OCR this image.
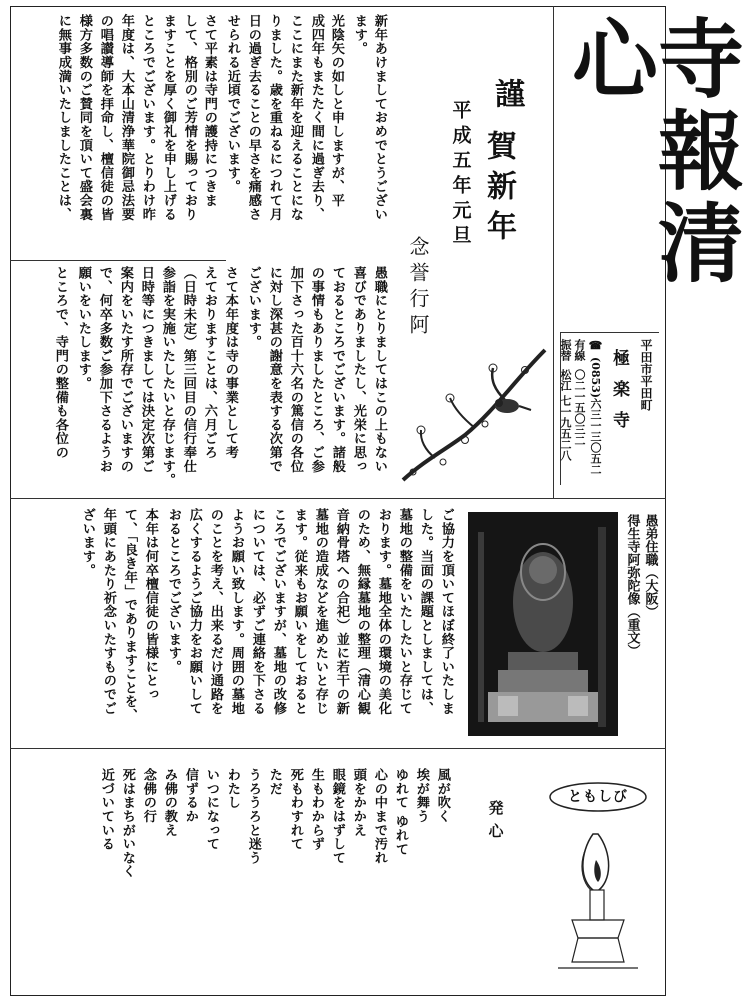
寺報清心
平田市平田町
極 楽 寺
☎
(0853)六三一三〇五二
有線
〇二一五〇三二
振替
松江 七一九五二八
謹
賀新年
平成五年元旦
念誉行阿
新年あけましておめでとうござい
ます。
光陰矢の如しと申しますが、平
成四年もまたたく間に過ぎ去り、
ここにまた新年を迎えることにな
りました。歳を重ねるにつれて月
日の過ぎ去ることの早さを痛感さ
せられる近頃でございます。
さて平素は寺門の護持につきま
して、格別のご芳情を賜っており
ますことを厚く御礼を申し上げる
ところでございます。とりわけ昨
年度は、大本山清浄華院御忌法要
の唱讃導師を拝命し、檀信徒の皆
様方多数のご賛同を頂いて盛会裏
に無事成満いたしましたことは、
愚職にとりましてはこの上もない
喜びでありましたし、光栄に思っ
ておるところでございます。諸般
の事情もありましたところ、ご参
加下さった百十六名の篤信の各位
に対し深甚の謝意を表する次第で
ございます。
さて本年度は寺の事業として考
えておりますことは、六月ごろ
（日時未定）第三回目の信行奉仕
参詣を実施いたしたいと存じます。
日時等につきましては決定次第ご
案内をいたす所存でございますの
で、何卒多数ご参加下さるようお
願いをいたします。
ところで、寺門の整備も各位の
愚弟住職（大阪）
得生寺阿弥陀像（重文）
ご協力を頂いてほぼ終了いたしま
した。当面の課題としましては、
墓地の整備をいたしたいと存じて
おります。墓地全体の環境の美化
のため、無縁墓地の整理（清心観
音納骨塔への合祀）並に若干の新
墓地の造成などを進めたいと存じ
ます。従来もお願いをしておると
ころでございますが、墓地の改修
については、必ずご連絡を下さる
ようお願い致します。周囲の墓地
のことを考え、出来るだけ通路を
広くするようご協力をお願いして
おるところでございます。
本年は何卒檀信徒の皆様にとっ
て、「良き年」でありますことを、
年頭にあたり祈念いたすものでご
ざいます。
ともしび
発心
風が吹く
埃が舞う
ゆれて ゆれて
心の中まで汚れ
頭をかかえ
眼鏡をはずして
生もわからず
死もわすれて
ただ
うろうろと迷う
わたし
いつになって
信ずるか
み佛の教え
念佛の行
死はまちがいなく
近づいている
